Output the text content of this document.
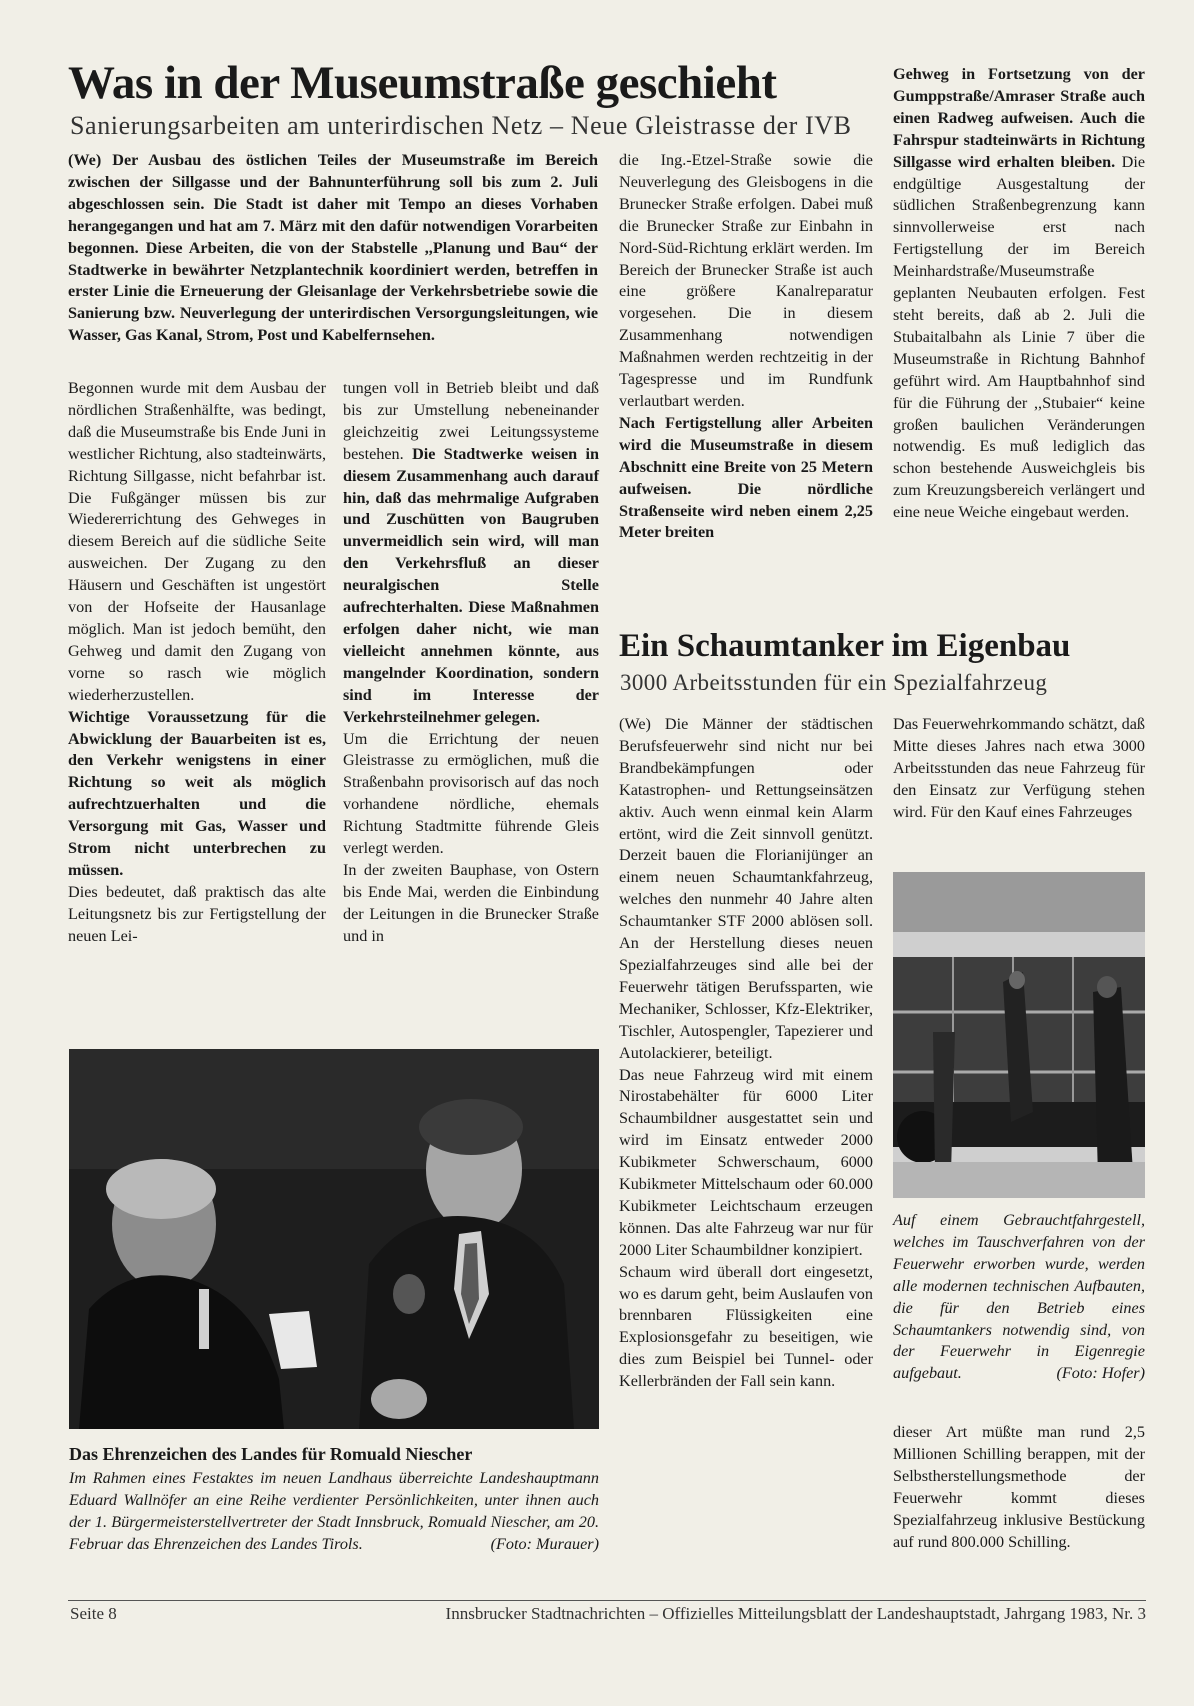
Was in der Museumstraße geschieht
Sanierungsarbeiten am unterirdischen Netz – Neue Gleistrasse der IVB

(We) Der Ausbau des östlichen Teiles der Museumstraße im Bereich zwischen der Sillgasse und der Bahnunterführung soll bis zum 2. Juli abgeschlossen sein. Die Stadt ist daher mit Tempo an dieses Vorhaben herangegangen und hat am 7. März mit den dafür notwendigen Vorarbeiten begonnen. Diese Arbeiten, die von der Stabstelle ,,Planung und Bau“ der Stadtwerke in bewährter Netzplantechnik koordiniert werden, betreffen in erster Linie die Erneuerung der Gleisanlage der Verkehrsbetriebe sowie die Sanierung bzw. Neuverlegung der unterirdischen Versorgungsleitungen, wie Wasser, Gas Kanal, Strom, Post und Kabelfernsehen.

Begonnen wurde mit dem Ausbau der nördlichen Straßenhälfte, was bedingt, daß die Museumstraße bis Ende Juni in westlicher Richtung, also stadteinwärts, Richtung Sillgasse, nicht befahrbar ist. Die Fußgänger müssen bis zur Wiedererrichtung des Gehweges in diesem Bereich auf die südliche Seite ausweichen. Der Zugang zu den Häusern und Geschäften ist ungestört von der Hofseite der Hausanlage möglich. Man ist jedoch bemüht, den Gehweg und damit den Zugang von vorne so rasch wie möglich wiederherzustellen.

Wichtige Voraussetzung für die Abwicklung der Bauarbeiten ist es, den Verkehr wenigstens in einer Richtung so weit als möglich aufrechtzuerhalten und die Versorgung mit Gas, Wasser und Strom nicht unterbrechen zu müssen.

Dies bedeutet, daß praktisch das alte Leitungsnetz bis zur Fertigstellung der neuen Lei-

tungen voll in Betrieb bleibt und daß bis zur Umstellung nebeneinander gleichzeitig zwei Leitungssysteme bestehen.

Die Stadtwerke weisen in diesem Zusammenhang auch darauf hin, daß das mehrmalige Aufgraben und Zuschütten von Baugruben unvermeidlich sein wird, will man den Verkehrsfluß an dieser neuralgischen Stelle aufrechterhalten. Diese Maßnahmen erfolgen daher nicht, wie man vielleicht annehmen könnte, aus mangelnder Koordination, sondern sind im Interesse der Verkehrsteilnehmer gelegen.

Um die Errichtung der neuen Gleistrasse zu ermöglichen, muß die Straßenbahn provisorisch auf das noch vorhandene nördliche, ehemals Richtung Stadtmitte führende Gleis verlegt werden.

In der zweiten Bauphase, von Ostern bis Ende Mai, werden die Einbindung der Leitungen in die Brunecker Straße und in

die Ing.-Etzel-Straße sowie die Neuverlegung des Gleisbogens in die Brunecker Straße erfolgen. Dabei muß die Brunecker Straße zur Einbahn in Nord-Süd-Richtung erklärt werden. Im Bereich der Brunecker Straße ist auch eine größere Kanalreparatur vorgesehen. Die in diesem Zusammenhang notwendigen Maßnahmen werden rechtzeitig in der Tagespresse und im Rundfunk verlautbart werden.

Nach Fertigstellung aller Arbeiten wird die Museumstraße in diesem Abschnitt eine Breite von 25 Metern aufweisen. Die nördliche Straßenseite wird neben einem 2,25 Meter breiten

Gehweg in Fortsetzung von der Gumppstraße/Amraser Straße auch einen Radweg aufweisen. Auch die Fahrspur stadteinwärts in Richtung Sillgasse wird erhalten bleiben.

Die endgültige Ausgestaltung der südlichen Straßenbegrenzung kann sinnvollerweise erst nach Fertigstellung der im Bereich Meinhardstraße/Museumstraße geplanten Neubauten erfolgen. Fest steht bereits, daß ab 2. Juli die Stubaitalbahn als Linie 7 über die Museumstraße in Richtung Bahnhof geführt wird. Am Hauptbahnhof sind für die Führung der ,,Stubaier“ keine großen baulichen Veränderungen notwendig. Es muß lediglich das schon bestehende Ausweichgleis bis zum Kreuzungsbereich verlängert und eine neue Weiche eingebaut werden.

Das Ehrenzeichen des Landes für Romuald Niescher
Im Rahmen eines Festaktes im neuen Landhaus überreichte Landeshauptmann Eduard Wallnöfer an eine Reihe verdienter Persönlichkeiten, unter ihnen auch der 1. Bürgermeisterstellvertreter der Stadt Innsbruck, Romuald Niescher, am 20. Februar das Ehrenzeichen des Landes Tirols.	(Foto: Murauer)
Ein Schaumtanker im Eigenbau
3000 Arbeitsstunden für ein Spezialfahrzeug

(We) Die Männer der städtischen Berufsfeuerwehr sind nicht nur bei Brandbekämpfungen oder Katastrophen- und Rettungseinsätzen aktiv. Auch wenn einmal kein Alarm ertönt, wird die Zeit sinnvoll genützt. Derzeit bauen die Florianijünger an einem neuen Schaumtankfahrzeug, welches den nunmehr 40 Jahre alten Schaumtanker STF 2000 ablösen soll. An der Herstellung dieses neuen Spezialfahrzeuges sind alle bei der Feuerwehr tätigen Berufssparten, wie Mechaniker, Schlosser, Kfz-Elektriker, Tischler, Autospengler, Tapezierer und Autolackierer, beteiligt.

Das neue Fahrzeug wird mit einem Nirostabehälter für 6000 Liter Schaumbildner ausgestattet sein und wird im Einsatz entweder 2000 Kubikmeter Schwerschaum, 6000 Kubikmeter Mittelschaum oder 60.000 Kubikmeter Leichtschaum erzeugen können. Das alte Fahrzeug war nur für 2000 Liter Schaumbildner konzipiert.

Schaum wird überall dort eingesetzt, wo es darum geht, beim Auslaufen von brennbaren Flüssigkeiten eine Explosionsgefahr zu beseitigen, wie dies zum Beispiel bei Tunnel- oder Kellerbränden der Fall sein kann.

Das Feuerwehrkommando schätzt, daß Mitte dieses Jahres nach etwa 3000 Arbeitsstunden das neue Fahrzeug für den Einsatz zur Verfügung stehen wird. Für den Kauf eines Fahrzeuges
Auf einem Gebrauchtfahrgestell, welches im Tauschverfahren von der Feuerwehr erworben wurde, werden alle modernen technischen Aufbauten, die für den Betrieb eines Schaumtankers notwendig sind, von der Feuerwehr in Eigenregie aufgebaut.	(Foto: Hofer)
dieser Art müßte man rund 2,5 Millionen Schilling berappen, mit der Selbstherstellungsmethode der Feuerwehr kommt dieses Spezialfahrzeug inklusive Bestückung auf rund 800.000 Schilling.
Seite 8	Innsbrucker Stadtnachrichten – Offizielles Mitteilungsblatt der Landeshauptstadt, Jahrgang 1983, Nr. 3
